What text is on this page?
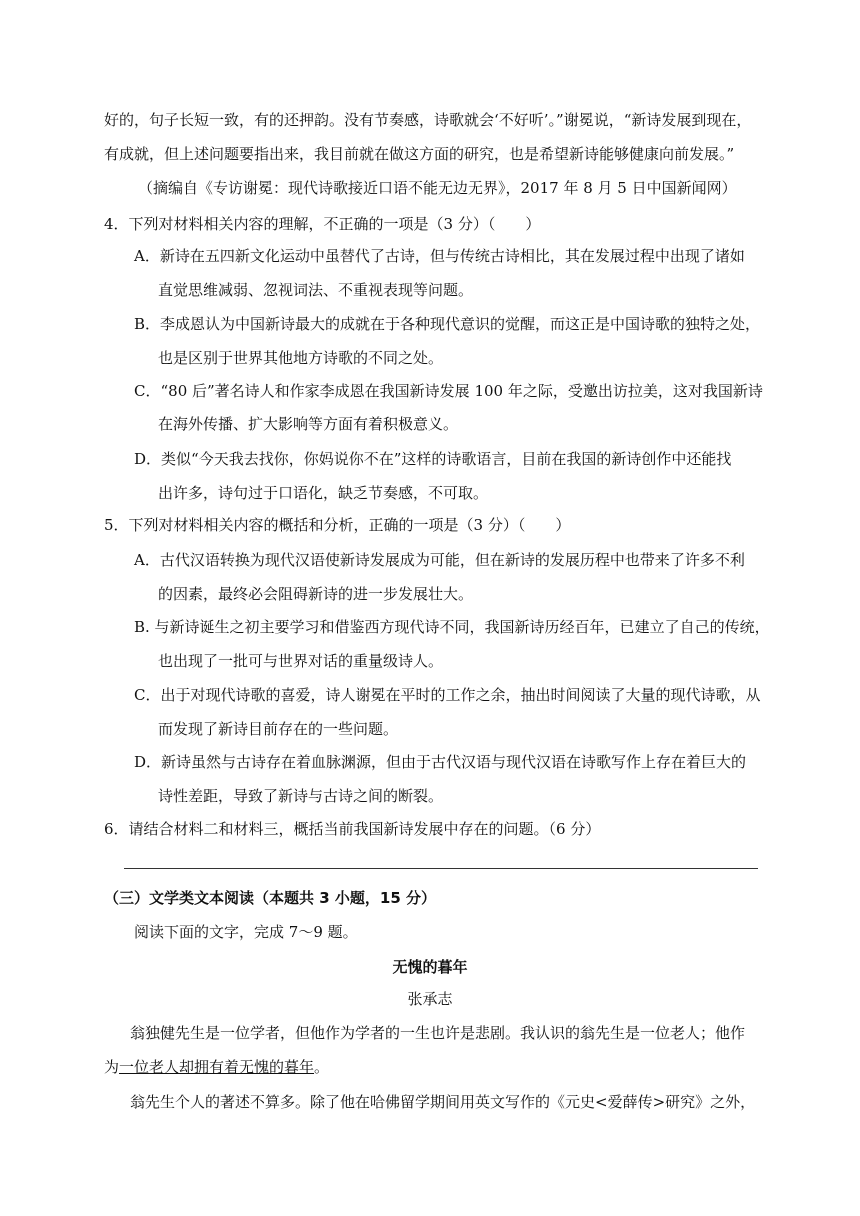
好的，句子长短一致，有的还押韵。没有节奏感，诗歌就会‘不好听’。”谢冕说，“新诗发展到现在，
有成就，但上述问题要指出来，我目前就在做这方面的研究，也是希望新诗能够健康向前发展。”
（摘编自《专访谢冕：现代诗歌接近口语不能无边无界》，2017 年 8 月 5 日中国新闻网）
4．下列对材料相关内容的理解，不正确的一项是（3 分）（　　）
A．新诗在五四新文化运动中虽替代了古诗，但与传统古诗相比，其在发展过程中出现了诸如
直觉思维减弱、忽视词法、不重视表现等问题。
B．李成恩认为中国新诗最大的成就在于各种现代意识的觉醒，而这正是中国诗歌的独特之处，
也是区别于世界其他地方诗歌的不同之处。
C．“80 后”著名诗人和作家李成恩在我国新诗发展 100 年之际，受邀出访拉美，这对我国新诗
在海外传播、扩大影响等方面有着积极意义。
D．类似“今天我去找你，你妈说你不在”这样的诗歌语言，目前在我国的新诗创作中还能找
出许多，诗句过于口语化，缺乏节奏感，不可取。
5．下列对材料相关内容的概括和分析，正确的一项是（3 分）（　　）
A．古代汉语转换为现代汉语使新诗发展成为可能，但在新诗的发展历程中也带来了许多不利
的因素，最终必会阻碍新诗的进一步发展壮大。
B. 与新诗诞生之初主要学习和借鉴西方现代诗不同，我国新诗历经百年，已建立了自己的传统，
也出现了一批可与世界对话的重量级诗人。
C．出于对现代诗歌的喜爱，诗人谢冕在平时的工作之余，抽出时间阅读了大量的现代诗歌，从
而发现了新诗目前存在的一些问题。
D．新诗虽然与古诗存在着血脉渊源，但由于古代汉语与现代汉语在诗歌写作上存在着巨大的
诗性差距，导致了新诗与古诗之间的断裂。
6．请结合材料二和材料三，概括当前我国新诗发展中存在的问题。（6 分）
（三）文学类文本阅读（本题共 3 小题，15 分）
阅读下面的文字，完成 7～9 题。
无愧的暮年
张承志
翁独健先生是一位学者，但他作为学者的一生也许是悲剧。我认识的翁先生是一位老人；他作
为一位老人却拥有着无愧的暮年。
翁先生个人的著述不算多。除了他在哈佛留学期间用英文写作的《元史<爱薛传>研究》之外，
